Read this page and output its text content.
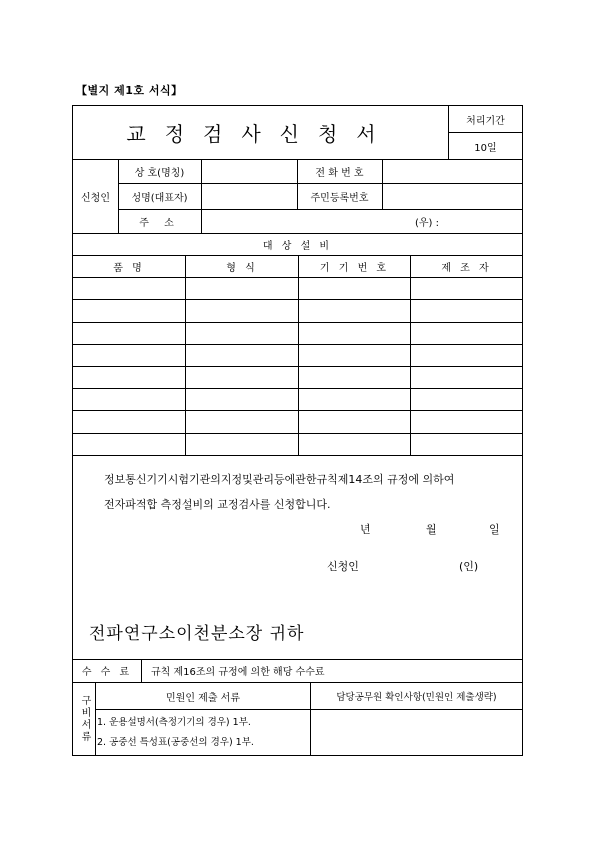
【별지 제1호 서식】
교정검사신청서
처리기간
10일
신청인
상 호(명칭)	전 화 번 호
성명(대표자)	주민등록번호
주 소	(우) :
대 상 설 비
품 명	형 식	기 기 번 호	제 조 자
정보통신기기시험기관의지정및관리등에관한규칙제14조의 규정에 의하여
전자파적합 측정설비의 교정검사를 신청합니다.
년	월	일
신청인	(인)
전파연구소이천분소장 귀하
수 수 료	규칙 제16조의 규정에 의한 해당 수수료
구비서류	민원인 제출 서류	담당공무원 확인사항(민원인 제출생략)
1. 운용설명서(측정기기의 경우) 1부.
2. 공중선 특성표(공중선의 경우) 1부.
